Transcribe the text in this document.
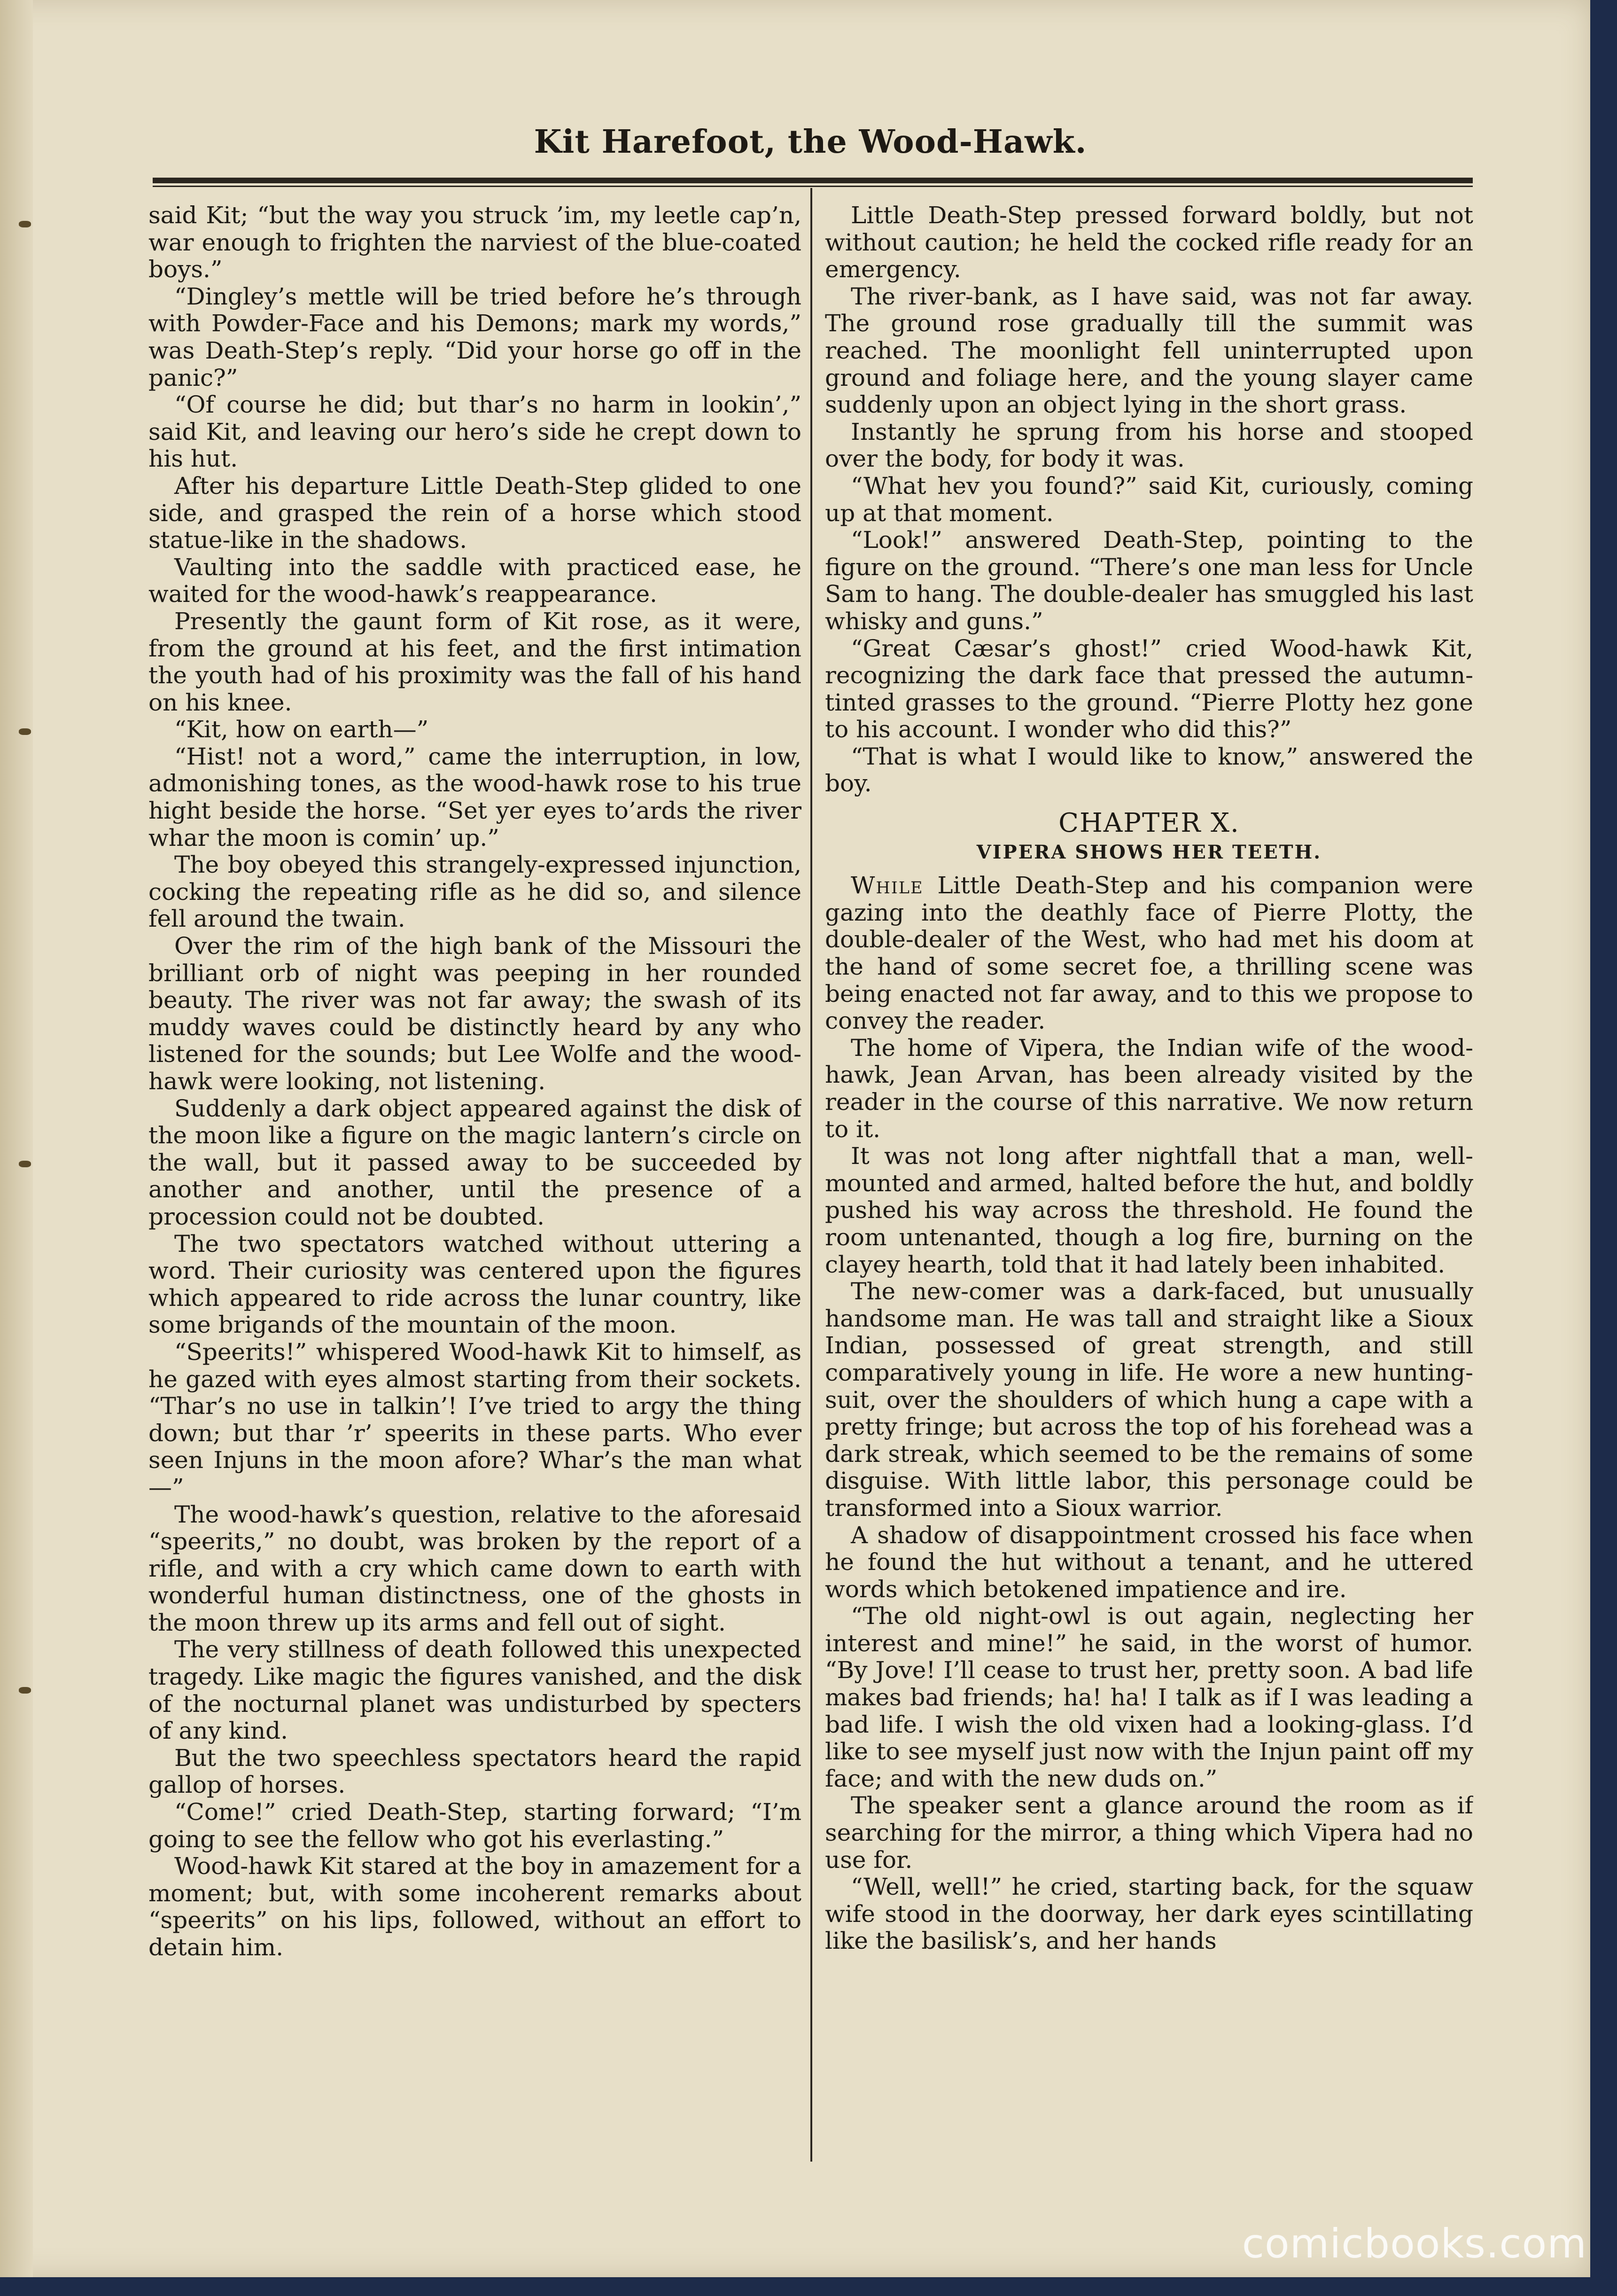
Kit Harefoot, the Wood-Hawk.

said Kit; “but the way you struck ’im, my leetle cap’n, war enough to frighten the narviest of the blue-coated boys.”

“Dingley’s mettle will be tried before he’s through with Powder-Face and his Demons; mark my words,” was Death-Step’s reply. “Did your horse go off in the panic?”

“Of course he did; but thar’s no harm in lookin’,” said Kit, and leaving our hero’s side he crept down to his hut.

After his departure Little Death-Step glided to one side, and grasped the rein of a horse which stood statue-like in the shadows.

Vaulting into the saddle with practiced ease, he waited for the wood-hawk’s reappearance.

Presently the gaunt form of Kit rose, as it were, from the ground at his feet, and the first intimation the youth had of his proximity was the fall of his hand on his knee.

“Kit, how on earth—”

“Hist! not a word,” came the interruption, in low, admonishing tones, as the wood-hawk rose to his true hight beside the horse. “Set yer eyes to’ards the river whar the moon is comin’ up.”

The boy obeyed this strangely-expressed injunction, cocking the repeating rifle as he did so, and silence fell around the twain.

Over the rim of the high bank of the Missouri the brilliant orb of night was peeping in her rounded beauty. The river was not far away; the swash of its muddy waves could be distinctly heard by any who listened for the sounds; but Lee Wolfe and the wood-hawk were looking, not listening.

Suddenly a dark object appeared against the disk of the moon like a figure on the magic lantern’s circle on the wall, but it passed away to be succeeded by another and another, until the presence of a procession could not be doubted.

The two spectators watched without uttering a word. Their curiosity was centered upon the figures which appeared to ride across the lunar country, like some brigands of the mountain of the moon.

“Speerits!” whispered Wood-hawk Kit to himself, as he gazed with eyes almost starting from their sockets. “Thar’s no use in talkin’! I’ve tried to argy the thing down; but thar ’r’ speerits in these parts. Who ever seen Injuns in the moon afore? Whar’s the man what—”

The wood-hawk’s question, relative to the aforesaid “speerits,” no doubt, was broken by the report of a rifle, and with a cry which came down to earth with wonderful human distinctness, one of the ghosts in the moon threw up its arms and fell out of sight.

The very stillness of death followed this unexpected tragedy. Like magic the figures vanished, and the disk of the nocturnal planet was undisturbed by specters of any kind.

But the two speechless spectators heard the rapid gallop of horses.

“Come!” cried Death-Step, starting forward; “I’m going to see the fellow who got his everlasting.”

Wood-hawk Kit stared at the boy in amazement for a moment; but, with some incoherent remarks about “speerits” on his lips, followed, without an effort to detain him.

Little Death-Step pressed forward boldly, but not without caution; he held the cocked rifle ready for an emergency.

The river-bank, as I have said, was not far away. The ground rose gradually till the summit was reached. The moonlight fell uninterrupted upon ground and foliage here, and the young slayer came suddenly upon an object lying in the short grass.

Instantly he sprung from his horse and stooped over the body, for body it was.

“What hev you found?” said Kit, curiously, coming up at that moment.

“Look!” answered Death-Step, pointing to the figure on the ground. “There’s one man less for Uncle Sam to hang. The double-dealer has smuggled his last whisky and guns.”

“Great Cæsar’s ghost!” cried Wood-hawk Kit, recognizing the dark face that pressed the autumn-tinted grasses to the ground. “Pierre Plotty hez gone to his account. I wonder who did this?”

“That is what I would like to know,” answered the boy.

CHAPTER X.
VIPERA SHOWS HER TEETH.

While Little Death-Step and his companion were gazing into the deathly face of Pierre Plotty, the double-dealer of the West, who had met his doom at the hand of some secret foe, a thrilling scene was being enacted not far away, and to this we propose to convey the reader.

The home of Vipera, the Indian wife of the wood-hawk, Jean Arvan, has been already visited by the reader in the course of this narrative. We now return to it.

It was not long after nightfall that a man, well-mounted and armed, halted before the hut, and boldly pushed his way across the threshold. He found the room untenanted, though a log fire, burning on the clayey hearth, told that it had lately been inhabited.

The new-comer was a dark-faced, but unusually handsome man. He was tall and straight like a Sioux Indian, possessed of great strength, and still comparatively young in life. He wore a new hunting-suit, over the shoulders of which hung a cape with a pretty fringe; but across the top of his forehead was a dark streak, which seemed to be the remains of some disguise. With little labor, this personage could be transformed into a Sioux warrior.

A shadow of disappointment crossed his face when he found the hut without a tenant, and he uttered words which betokened impatience and ire.

“The old night-owl is out again, neglecting her interest and mine!” he said, in the worst of humor. “By Jove! I’ll cease to trust her, pretty soon. A bad life makes bad friends; ha! ha! I talk as if I was leading a bad life. I wish the old vixen had a looking-glass. I’d like to see myself just now with the Injun paint off my face; and with the new duds on.”

The speaker sent a glance around the room as if searching for the mirror, a thing which Vipera had no use for.

“Well, well!” he cried, starting back, for the squaw wife stood in the doorway, her dark eyes scintillating like the basilisk’s, and her hands

comicbooks.com
